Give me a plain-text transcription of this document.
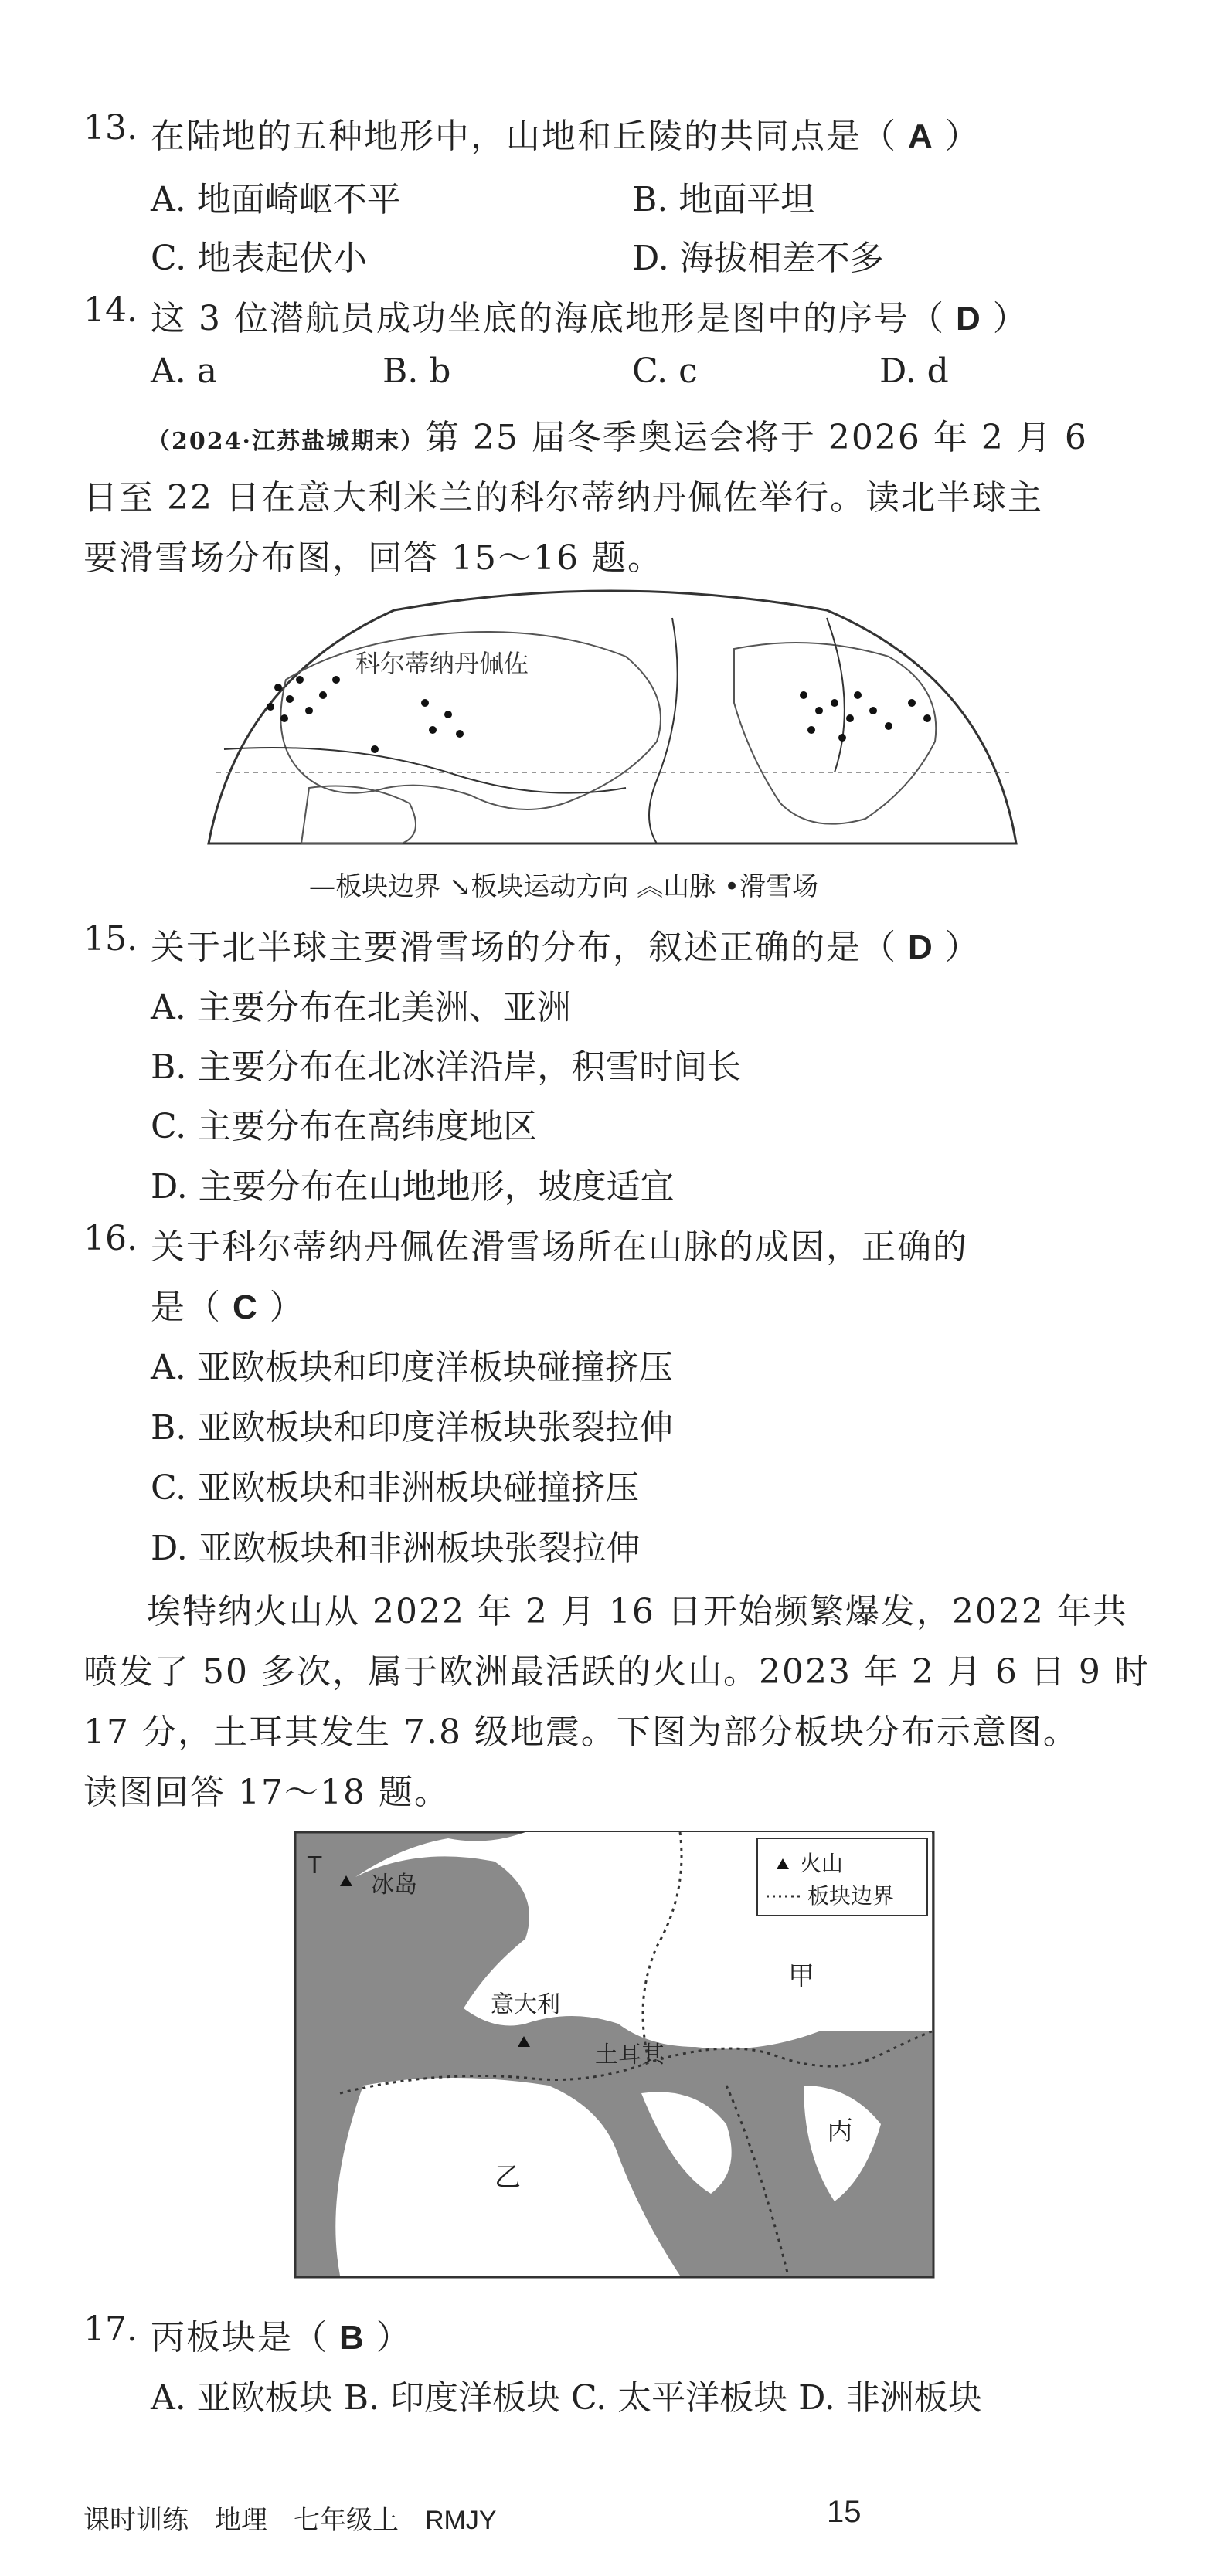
13. 在陆地的五种地形中，山地和丘陵的共同点是（ A ）
A. 地面崎岖不平	B. 地面平坦
C. 地表起伏小	D. 海拔相差不多
14. 这 3 位潜航员成功坐底的海底地形是图中的序号（ D ）
A. a	B. b	C. c	D. d
（2024·江苏盐城期末）第 25 届冬季奥运会将于 2026 年 2 月 6
日至 22 日在意大利米兰的科尔蒂纳丹佩佐举行。读北半球主
要滑雪场分布图，回答 15～16 题。
科尔蒂纳丹佩佐
—板块边界 ↘板块运动方向 ︽山脉 •滑雪场
15. 关于北半球主要滑雪场的分布，叙述正确的是（ D ）
A. 主要分布在北美洲、亚洲
B. 主要分布在北冰洋沿岸，积雪时间长
C. 主要分布在高纬度地区
D. 主要分布在山地地形，坡度适宜
16. 关于科尔蒂纳丹佩佐滑雪场所在山脉的成因，正确的
是（ C ）
A. 亚欧板块和印度洋板块碰撞挤压
B. 亚欧板块和印度洋板块张裂拉伸
C. 亚欧板块和非洲板块碰撞挤压
D. 亚欧板块和非洲板块张裂拉伸
埃特纳火山从 2022 年 2 月 16 日开始频繁爆发，2022 年共
喷发了 50 多次，属于欧洲最活跃的火山。2023 年 2 月 6 日 9 时
17 分，土耳其发生 7.8 级地震。下图为部分板块分布示意图。
读图回答 17～18 题。
火山
板块边界
T
冰岛
意大利
土耳其
甲
乙
丙
17. 丙板块是（ B ）
A. 亚欧板块 B. 印度洋板块 C. 太平洋板块 D. 非洲板块
课时训练　地理　七年级上　RMJY	15
